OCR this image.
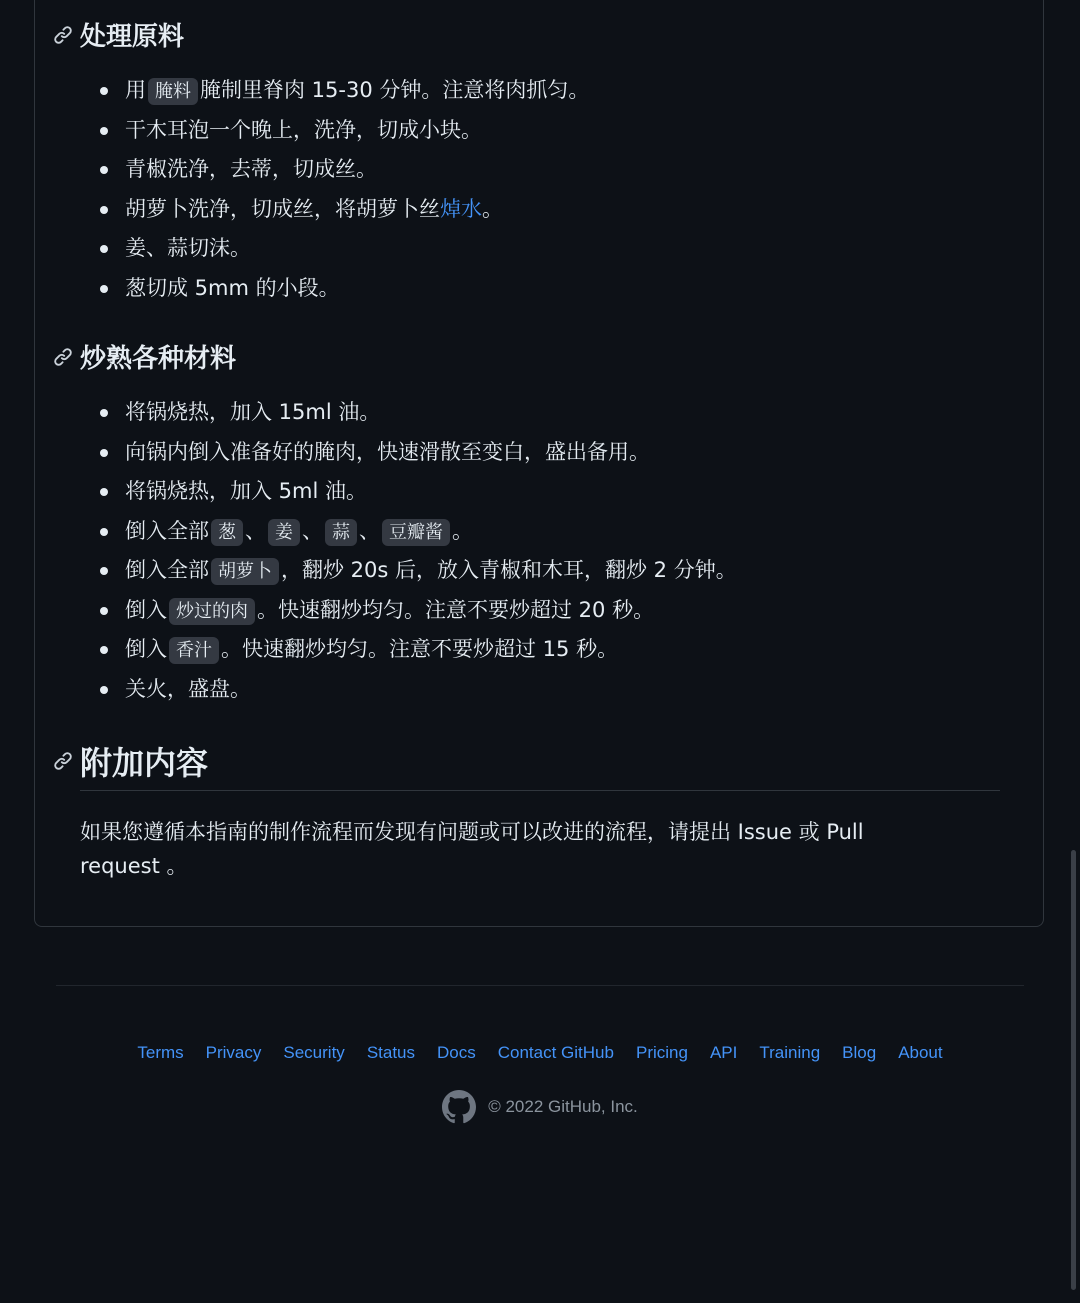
处理原料
用 腌料 腌制里脊肉 15-30 分钟。注意将肉抓匀。
干木耳泡一个晚上，洗净，切成小块。
青椒洗净，去蒂，切成丝。
胡萝卜洗净，切成丝，将胡萝卜丝焯水。
姜、蒜切沫。
葱切成 5mm 的小段。
炒熟各种材料
将锅烧热，加入 15ml 油。
向锅内倒入准备好的腌肉，快速滑散至变白，盛出备用。
将锅烧热，加入 5ml 油。
倒入全部 葱 、 姜 、 蒜 、 豆瓣酱 。
倒入全部 胡萝卜 ，翻炒 20s 后，放入青椒和木耳，翻炒 2 分钟。
倒入 炒过的肉 。快速翻炒均匀。注意不要炒超过 20 秒。
倒入 香汁 。快速翻炒均匀。注意不要炒超过 15 秒。
关火，盛盘。
附加内容

如果您遵循本指南的制作流程而发现有问题或可以改进的流程，请提出 Issue 或 Pull
request 。

Terms Privacy Security Status Docs Contact GitHub Pricing API Training Blog About
© 2022 GitHub, Inc.
